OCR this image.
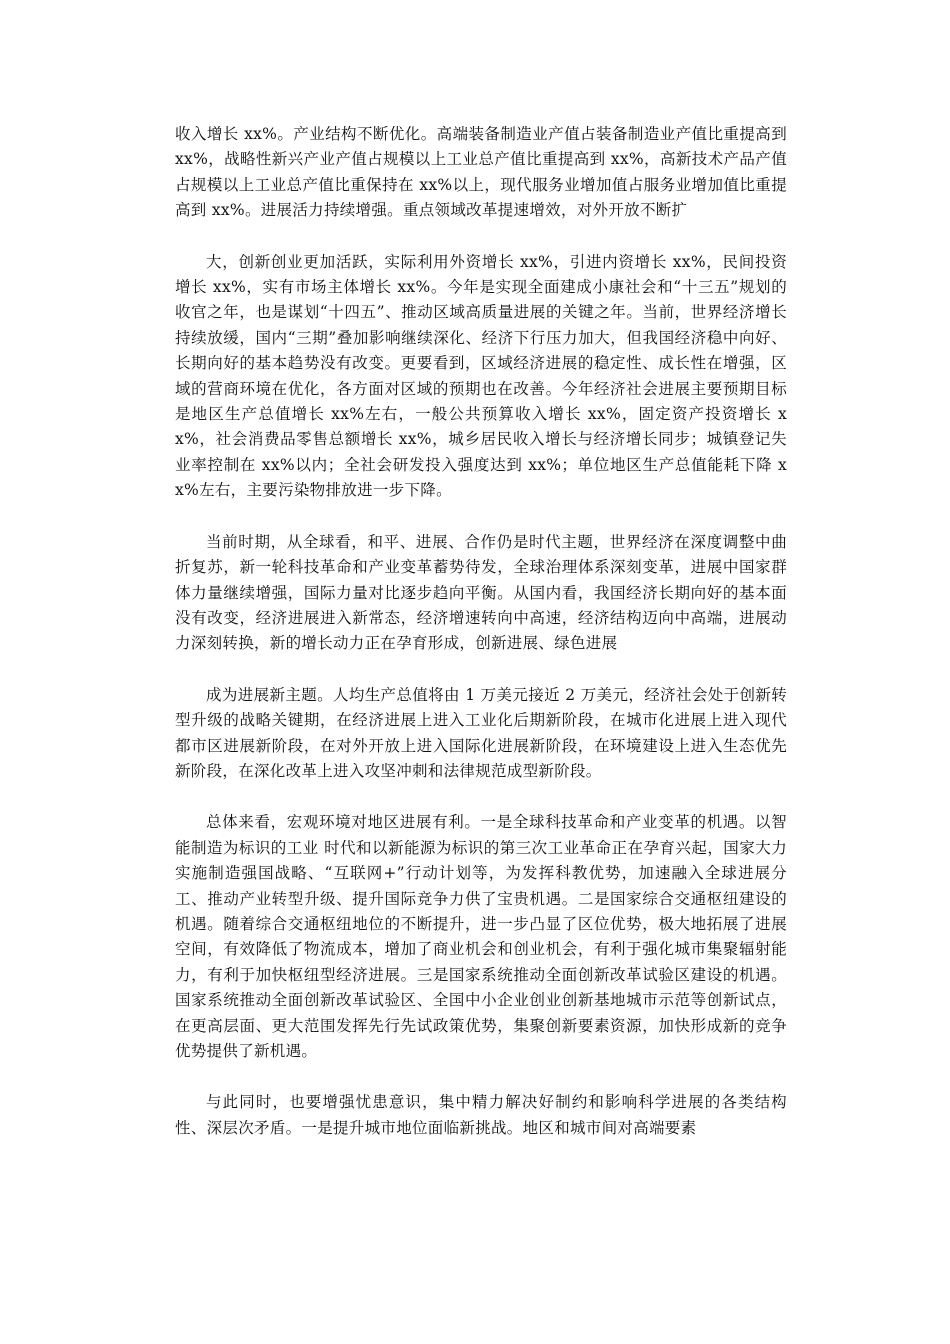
收入增长 xx%。产业结构不断优化。高端装备制造业产值占装备制造业产值比重提高到 xx%，战略性新兴产业产值占规模以上工业总产值比重提高到 xx%，高新技术产品产值占规模以上工业总产值比重保持在 xx%以上，现代服务业增加值占服务业增加值比重提高到 xx%。进展活力持续增强。重点领域改革提速增效，对外开放不断扩

大，创新创业更加活跃，实际利用外资增长 xx%，引进内资增长 xx%，民间投资增长 xx%，实有市场主体增长 xx%。今年是实现全面建成小康社会和“十三五”规划的收官之年，也是谋划“十四五”、推动区域高质量进展的关键之年。当前，世界经济增长持续放缓，国内“三期”叠加影响继续深化、经济下行压力加大，但我国经济稳中向好、长期向好的基本趋势没有改变。更要看到，区域经济进展的稳定性、成长性在增强，区域的营商环境在优化，各方面对区域的预期也在改善。今年经济社会进展主要预期目标是地区生产总值增长 xx%左右，一般公共预算收入增长 xx%，固定资产投资增长 xx%，社会消费品零售总额增长 xx%，城乡居民收入增长与经济增长同步；城镇登记失业率控制在 xx%以内；全社会研发投入强度达到 xx%；单位地区生产总值能耗下降 xx%左右，主要污染物排放进一步下降。

当前时期，从全球看，和平、进展、合作仍是时代主题，世界经济在深度调整中曲折复苏，新一轮科技革命和产业变革蓄势待发，全球治理体系深刻变革，进展中国家群体力量继续增强，国际力量对比逐步趋向平衡。从国内看，我国经济长期向好的基本面没有改变，经济进展进入新常态，经济增速转向中高速，经济结构迈向中高端，进展动力深刻转换，新的增长动力正在孕育形成，创新进展、绿色进展

成为进展新主题。人均生产总值将由 1 万美元接近 2 万美元，经济社会处于创新转型升级的战略关键期，在经济进展上进入工业化后期新阶段，在城市化进展上进入现代都市区进展新阶段，在对外开放上进入国际化进展新阶段，在环境建设上进入生态优先新阶段，在深化改革上进入攻坚冲刺和法律规范成型新阶段。

总体来看，宏观环境对地区进展有利。一是全球科技革命和产业变革的机遇。以智能制造为标识的工业 时代和以新能源为标识的第三次工业革命正在孕育兴起，国家大力实施制造强国战略、“互联网+”行动计划等，为发挥科教优势，加速融入全球进展分工、推动产业转型升级、提升国际竞争力供了宝贵机遇。二是国家综合交通枢纽建设的机遇。随着综合交通枢纽地位的不断提升，进一步凸显了区位优势，极大地拓展了进展空间，有效降低了物流成本，增加了商业机会和创业机会，有利于强化城市集聚辐射能力，有利于加快枢纽型经济进展。三是国家系统推动全面创新改革试验区建设的机遇。国家系统推动全面创新改革试验区、全国中小企业创业创新基地城市示范等创新试点，在更高层面、更大范围发挥先行先试政策优势，集聚创新要素资源，加快形成新的竞争优势提供了新机遇。

与此同时，也要增强忧患意识，集中精力解决好制约和影响科学进展的各类结构性、深层次矛盾。一是提升城市地位面临新挑战。地区和城市间对高端要素
